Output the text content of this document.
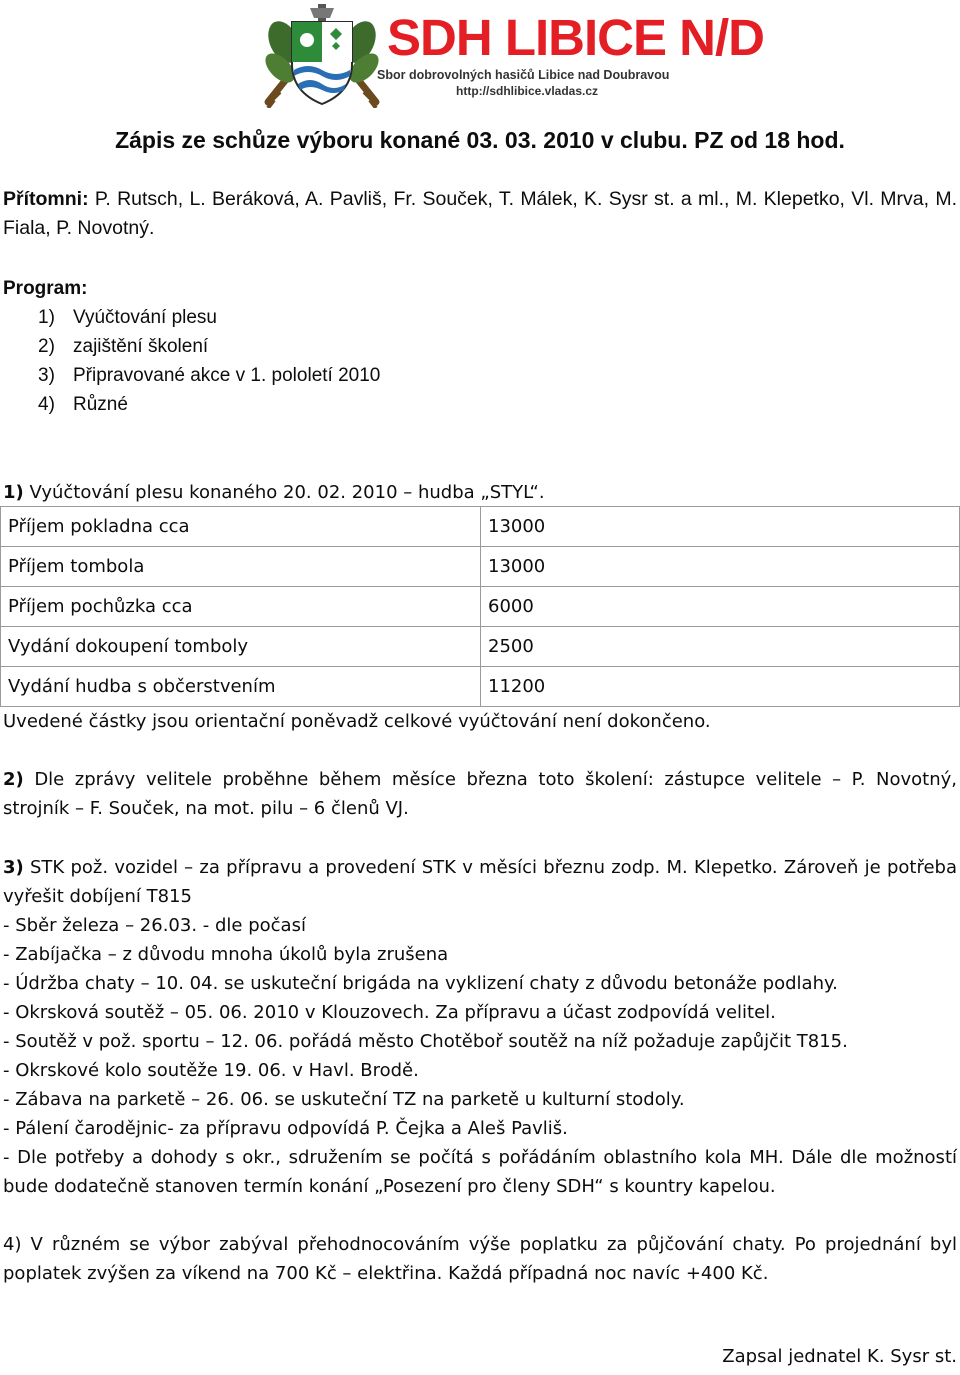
SDH LIBICE N/D
Sbor dobrovolných hasičů Libice nad Doubravou
http://sdhlibice.vladas.cz
Zápis ze schůze výboru konané 03. 03. 2010 v clubu. PZ od 18 hod.
Přítomni: P. Rutsch, L. Beráková, A. Pavliš, Fr. Souček, T. Málek, K. Sysr st. a ml., M. Klepetko, Vl. Mrva, M. Fiala, P. Novotný.
Program:
1) Vyúčtování plesu
2) zajištění školení
3) Připravované akce v 1. pololetí 2010
4) Různé
1) Vyúčtování plesu konaného 20. 02. 2010 – hudba „STYL“.
Příjem pokladna cca	13000
Příjem tombola	13000
Příjem pochůzka cca	6000
Vydání dokoupení tomboly	2500
Vydání hudba s občerstvením	11200
Uvedené částky jsou orientační poněvadž celkové vyúčtování není dokončeno.
2) Dle zprávy velitele proběhne během měsíce března toto školení: zástupce velitele – P. Novotný, strojník – F. Souček, na mot. pilu – 6 členů VJ.
3) STK pož. vozidel – za přípravu a provedení STK v měsíci březnu zodp. M. Klepetko. Zároveň je potřeba vyřešit dobíjení T815
- Sběr železa – 26.03. - dle počasí
- Zabíjačka – z důvodu mnoha úkolů byla zrušena
- Údržba chaty – 10. 04. se uskuteční brigáda na vyklizení chaty z důvodu betonáže podlahy.
- Okrsková soutěž – 05. 06. 2010 v Klouzovech. Za přípravu a účast zodpovídá velitel.
- Soutěž v pož. sportu – 12. 06. pořádá město Chotěboř soutěž na níž požaduje zapůjčit T815.
- Okrskové kolo soutěže 19. 06. v Havl. Brodě.
- Zábava na parketě – 26. 06. se uskuteční TZ na parketě u kulturní stodoly.
- Pálení čarodějnic- za přípravu odpovídá P. Čejka a Aleš Pavliš.
- Dle potřeby a dohody s okr., sdružením se počítá s pořádáním oblastního kola MH. Dále dle možností bude dodatečně stanoven termín konání „Posezení pro členy SDH“ s kountry kapelou.
4) V různém se výbor zabýval přehodnocováním výše poplatku za půjčování chaty. Po projednání byl poplatek zvýšen za víkend na 700 Kč – elektřina. Každá případná noc navíc +400 Kč.
Zapsal jednatel K. Sysr st.
